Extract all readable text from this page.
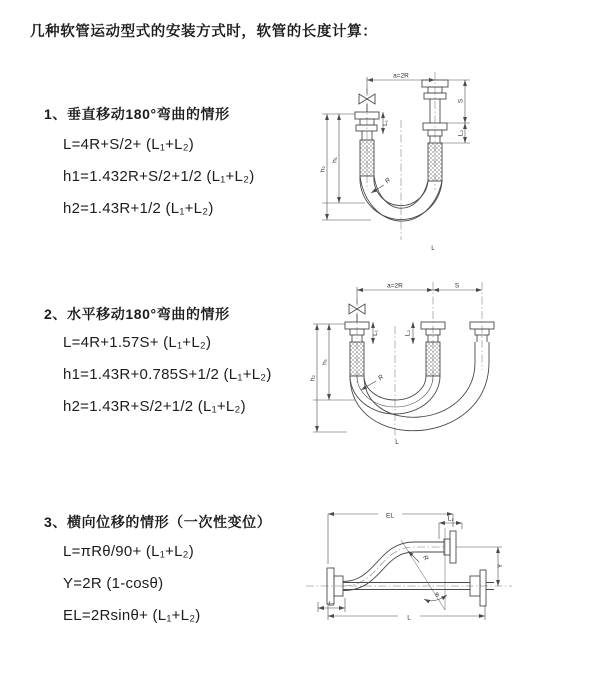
几种软管运动型式的安装方式时，软管的长度计算：
1、垂直移动180°弯曲的情形
L=4R+S/2+ (L₁+L₂)
h1=1.432R+S/2+1/2 (L₁+L₂)
h2=1.43R+1/2 (L₁+L₂)
2、水平移动180°弯曲的情形
L=4R+1.57S+ (L₁+L₂)
h1=1.43R+0.785S+1/2 (L₁+L₂)
h2=1.43R+S/2+1/2 (L₁+L₂)
3、横向位移的情形（一次性变位）
L=πRθ/90+ (L₁+L₂)
Y=2R (1-cosθ)
EL=2Rsinθ+ (L₁+L₂)
a=2R
h₁
h₂
S
L₂
L₁
R
L
a=2R	S
h₁
h₂
L₁	L₂
R
L
EL	L₁
Y
R
θ
L
L₂
